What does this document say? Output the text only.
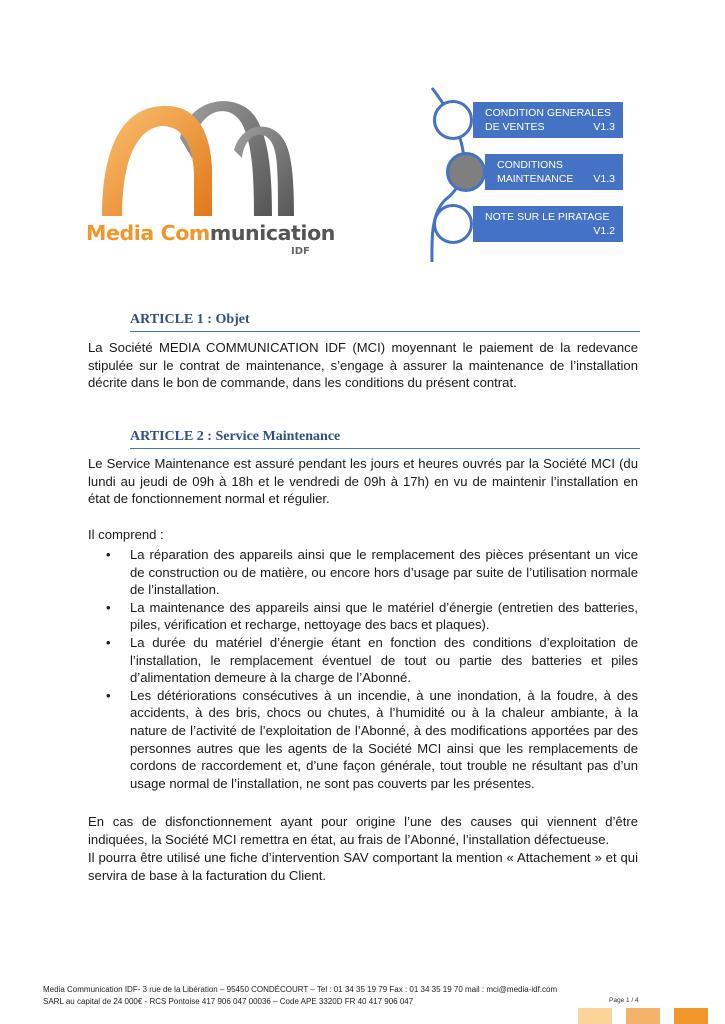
Media Communication
IDF
CONDITION GENERALES DE VENTES	V1.3
CONDITIONS MAINTENANCE V1.3
NOTE SUR LE PIRATAGE
V1.2
ARTICLE 1 : Objet

La Société MEDIA COMMUNICATION IDF (MCI) moyennant le paiement de la redevance stipulée sur le contrat de maintenance, s’engage à assurer la maintenance de l’installation décrite dans le bon de commande, dans les conditions du présent contrat.

ARTICLE 2 : Service Maintenance

Le Service Maintenance est assuré pendant les jours et heures ouvrés par la Société MCI (du lundi au jeudi de 09h à 18h et le vendredi de 09h à 17h) en vu de maintenir l’installation en état de fonctionnement normal et régulier.

Il comprend :

• La réparation des appareils ainsi que le remplacement des pièces présentant un vice de construction ou de matière, ou encore hors d’usage par suite de l’utilisation normale de l’installation.
• La maintenance des appareils ainsi que le matériel d’énergie (entretien des batteries, piles, vérification et recharge, nettoyage des bacs et plaques).
• La durée du matériel d’énergie étant en fonction des conditions d’exploitation de l’installation, le remplacement éventuel de tout ou partie des batteries et piles d’alimentation demeure à la charge de l’Abonné.
• Les détériorations consécutives à un incendie, à une inondation, à la foudre, à des accidents, à des bris, chocs ou chutes, à l’humidité ou à la chaleur ambiante, à la nature de l’activité de l’exploitation de l’Abonné, à des modifications apportées par des personnes autres que les agents de la Société MCI ainsi que les remplacements de cordons de raccordement et, d’une façon générale, tout trouble ne résultant pas d’un usage normal de l’installation, ne sont pas couverts par les présentes.

En cas de disfonctionnement ayant pour origine l’une des causes qui viennent d’être indiquées, la Société MCI remettra en état, au frais de l’Abonné, l’installation défectueuse.

Il pourra être utilisé une fiche d’intervention SAV comportant la mention « Attachement » et qui servira de base à la facturation du Client.

Media Communication IDF- 3 rue de la Libération – 95450 CONDÉCOURT – Tel : 01 34 35 19 79 Fax : 01 34 35 19 70 mail : mci@media-idf.com
SARL au capital de 24 000€ - RCS Pontoise 417 906 047 00036 – Code APE 3320D FR 40 417 906 047	Page 1 / 4
